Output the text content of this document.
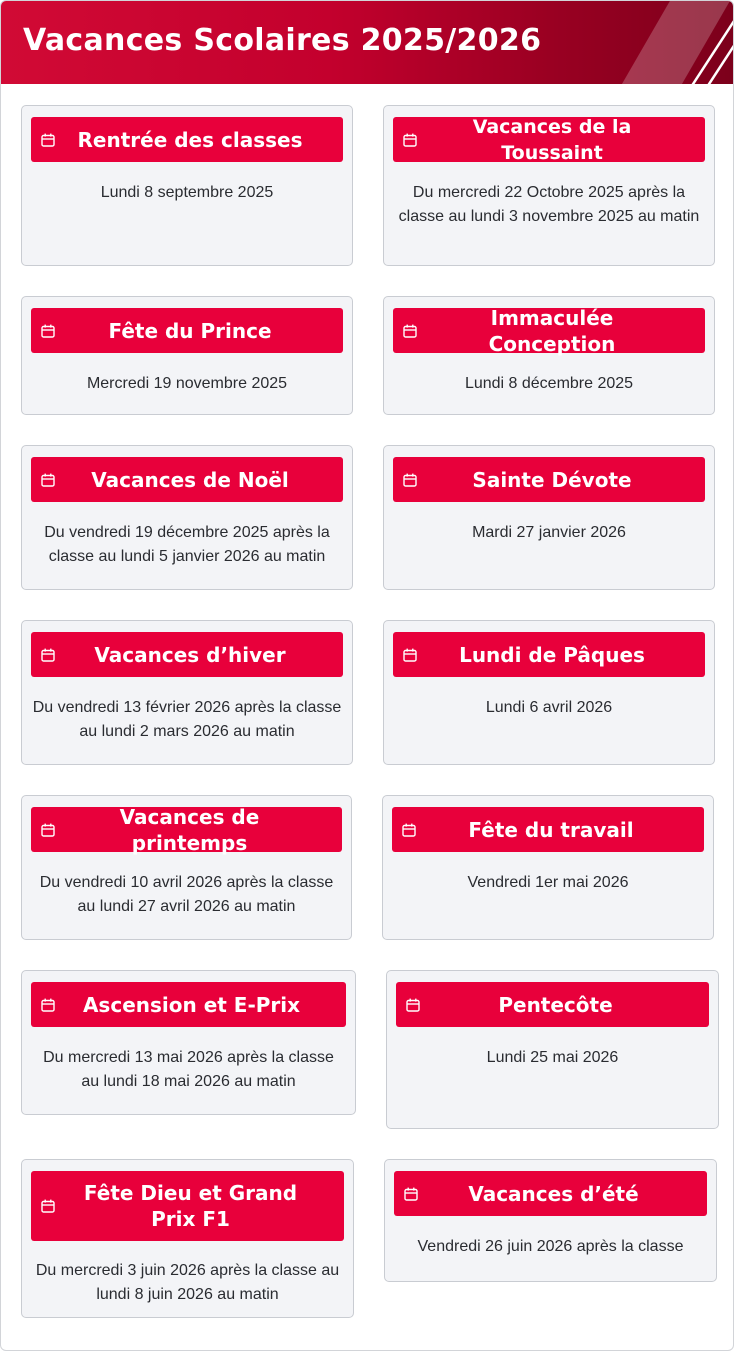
Vacances Scolaires 2025/2026
Rentrée des classes

Lundi 8 septembre 2025

Vacances de la Toussaint

Du mercredi 22 Octobre 2025 après la classe au lundi 3 novembre 2025 au matin

Fête du Prince

Mercredi 19 novembre 2025

Immaculée Conception

Lundi 8 décembre 2025

Vacances de Noël

Du vendredi 19 décembre 2025 après la classe au lundi 5 janvier 2026 au matin

Sainte Dévote

Mardi 27 janvier 2026

Vacances d’hiver

Du vendredi 13 février 2026 après la classe au lundi 2 mars 2026 au matin

Lundi de Pâques

Lundi 6 avril 2026

Vacances de printemps

Du vendredi 10 avril 2026 après la classe au lundi 27 avril 2026 au matin

Fête du travail

Vendredi 1er mai 2026

Ascension et E-Prix

Du mercredi 13 mai 2026 après la classe au lundi 18 mai 2026 au matin

Pentecôte

Lundi 25 mai 2026

Fête Dieu et Grand Prix F1

Du mercredi 3 juin 2026 après la classe au lundi 8 juin 2026 au matin

Vacances d’été

Vendredi 26 juin 2026 après la classe
